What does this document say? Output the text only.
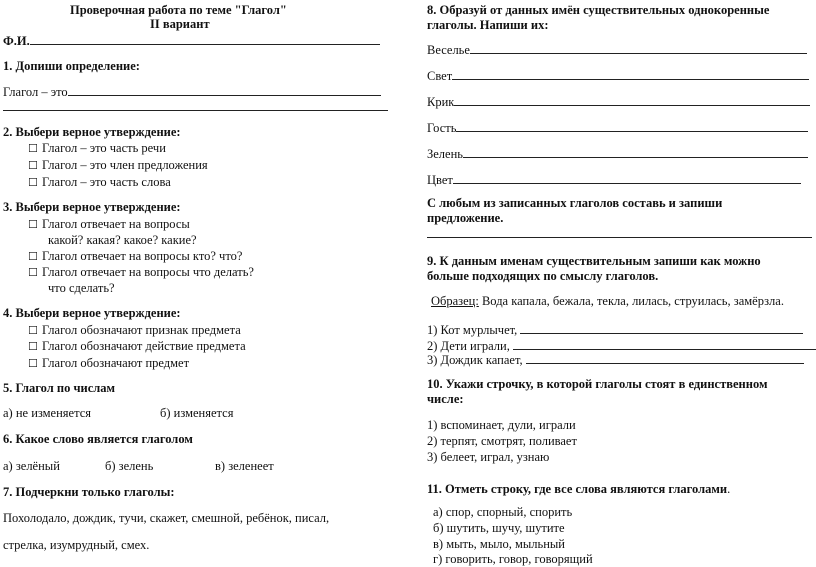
Проверочная работа по теме "Глагол"
II вариант
Ф.И.
1. Допиши определение:
Глагол – это
2. Выбери верное утверждение:
☐ Глагол – это часть речи
☐ Глагол – это член предложения
☐ Глагол – это часть слова
3. Выбери верное утверждение:
☐ Глагол отвечает на вопросы
какой? какая? какое? какие?
☐ Глагол отвечает на вопросы кто? что?
☐ Глагол отвечает на вопросы что делать?
что сделать?
4. Выбери верное утверждение:
☐ Глагол обозначают признак предмета
☐ Глагол обозначают действие предмета
☐ Глагол обозначают предмет
5. Глагол по числам
а) не изменяется	б) изменяется
6. Какое слово является глаголом
а) зелёный	б) зелень	в) зеленеет
7. Подчеркни только глаголы:
Похолодало, дождик, тучи, скажет, смешной, ребёнок, писал,
стрелка, изумрудный, смех.
8. Образуй от данных имён существительных однокоренные
глаголы. Напиши их:
Веселье
Свет
Крик
Гость
Зелень
Цвет
С любым из записанных глаголов составь и запиши
предложение.
9. К данным именам существительным запиши как можно
больше подходящих по смыслу глаголов.
Образец: Вода капала, бежала, текла, лилась, струилась, замёрзла.
1) Кот мурлычет,
2) Дети играли,
3) Дождик капает,
10. Укажи строчку, в которой глаголы стоят в единственном
числе:
1) вспоминает, дули, играли
2) терпят, смотрят, поливает
3) белеет, играл, узнаю
11. Отметь строку, где все слова являются глаголами.
а) спор, спорный, спорить
б) шутить, шучу, шутите
в) мыть, мыло, мыльный
г) говорить, говор, говорящий
